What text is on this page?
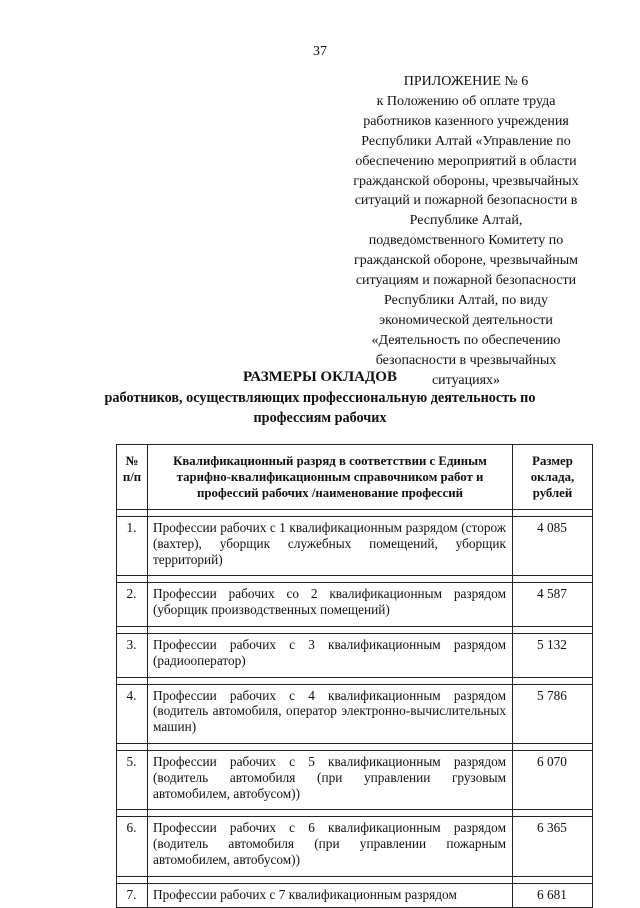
37
ПРИЛОЖЕНИЕ № 6
к Положению об оплате труда
работников казенного учреждения
Республики Алтай «Управление по
обеспечению мероприятий в области
гражданской обороны, чрезвычайных
ситуаций и пожарной безопасности в
Республике Алтай,
подведомственного Комитету по
гражданской обороне, чрезвычайным
ситуациям и пожарной безопасности
Республики Алтай, по виду
экономической деятельности
«Деятельность по обеспечению
безопасности в чрезвычайных
ситуациях»
РАЗМЕРЫ ОКЛАДОВ
работников, осуществляющих профессиональную деятельность по
профессиям рабочих
№ п/п	Квалификационный разряд в соответствии с Единым тарифно-квалификационным справочником работ и профессий рабочих /наименование профессий	Размер оклада, рублей

1.	Профессии рабочих с 1 квалификационным разрядом (сторож (вахтер), уборщик служебных помещений, уборщик территорий)	4 085

2.	Профессии рабочих со 2 квалификационным разрядом (уборщик производственных помещений)	4 587

3.	Профессии рабочих с 3 квалификационным разрядом (радиооператор)	5 132

4.	Профессии рабочих с 4 квалификационным разрядом (водитель автомобиля, оператор электронно-вычислительных машин)	5 786

5.	Профессии рабочих с 5 квалификационным разрядом (водитель автомобиля (при управлении грузовым автомобилем, автобусом))	6 070

6.	Профессии рабочих с 6 квалификационным разрядом (водитель автомобиля (при управлении пожарным автомобилем, автобусом))	6 365

7.	Профессии рабочих с 7 квалификационным разрядом	6 681
